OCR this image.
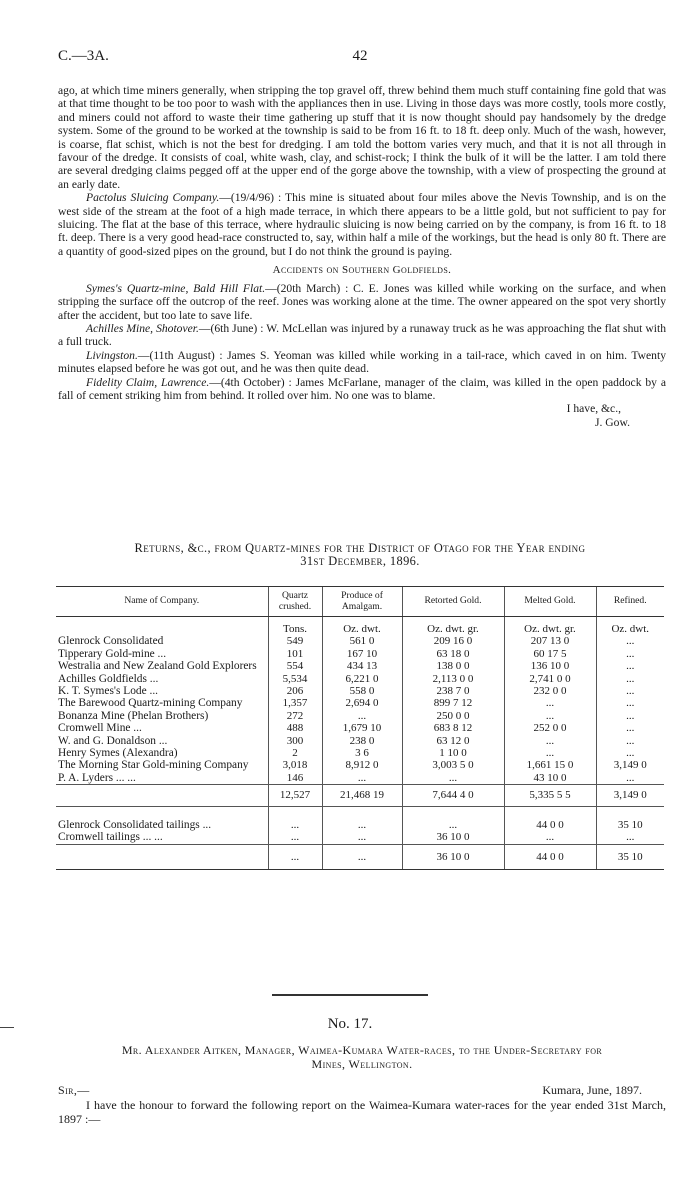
C.—3A.	42

ago, at which time miners generally, when stripping the top gravel off, threw behind them much stuff containing fine gold that was at that time thought to be too poor to wash with the appliances then in use. Living in those days was more costly, tools more costly, and miners could not afford to waste their time gathering up stuff that it is now thought should pay handsomely by the dredge system. Some of the ground to be worked at the township is said to be from 16 ft. to 18 ft. deep only. Much of the wash, however, is coarse, flat schist, which is not the best for dredging. I am told the bottom varies very much, and that it is not all through in favour of the dredge. It consists of coal, white wash, clay, and schist-rock; I think the bulk of it will be the latter. I am told there are several dredging claims pegged off at the upper end of the gorge above the township, with a view of prospecting the ground at an early date.

Pactolus Sluicing Company.—(19/4/96) : This mine is situated about four miles above the Nevis Township, and is on the west side of the stream at the foot of a high made terrace, in which there appears to be a little gold, but not sufficient to pay for sluicing. The flat at the base of this terrace, where hydraulic sluicing is now being carried on by the company, is from 16 ft. to 18 ft. deep. There is a very good head-race constructed to, say, within half a mile of the workings, but the head is only 80 ft. There are a quantity of good-sized pipes on the ground, but I do not think the ground is paying.

Accidents on Southern Goldfields.

Symes's Quartz-mine, Bald Hill Flat.—(20th March) : C. E. Jones was killed while working on the surface, and when stripping the surface off the outcrop of the reef. Jones was working alone at the time. The owner appeared on the spot very shortly after the accident, but too late to save life.

Achilles Mine, Shotover.—(6th June) : W. McLellan was injured by a runaway truck as he was approaching the flat shut with a full truck.

Livingston.—(11th August) : James S. Yeoman was killed while working in a tail-race, which caved in on him. Twenty minutes elapsed before he was got out, and he was then quite dead.

Fidelity Claim, Lawrence.—(4th October) : James McFarlane, manager of the claim, was killed in the open paddock by a fall of cement striking him from behind. It rolled over him. No one was to blame.

I have, &c.,

J. Gow.

Returns, &c., from Quartz-mines for the District of Otago for the Year ending
31st December, 1896.
Name of Company.	Quartz crushed.	Produce of Amalgam.	Retorted Gold.	Melted Gold.	Refined.
	Tons.	Oz. dwt.	Oz. dwt. gr.	Oz. dwt. gr.	Oz. dwt.
Glenrock Consolidated	549	561 0	209 16 0	207 13 0	...
Tipperary Gold-mine ...	101	167 10	63 18 0	60 17 5	...
Westralia and New Zealand Gold Explorers	554	434 13	138 0 0	136 10 0	...
Achilles Goldfields ...	5,534	6,221 0	2,113 0 0	2,741 0 0	...
K. T. Symes's Lode ...	206	558 0	238 7 0	232 0 0	...
The Barewood Quartz-mining Company	1,357	2,694 0	899 7 12	...	...
Bonanza Mine (Phelan Brothers)	272	...	250 0 0	...	...
Cromwell Mine ...	488	1,679 10	683 8 12	252 0 0	...
W. and G. Donaldson ...	300	238 0	63 12 0	...	...
Henry Symes (Alexandra)	2	3 6	1 10 0	...	...
The Morning Star Gold-mining Company	3,018	8,912 0	3,003 5 0	1,661 15 0	3,149 0
P. A. Lyders ... ...	146	...	...	43 10 0	...
	12,527	21,468 19	7,644 4 0	5,335 5 5	3,149 0

Glenrock Consolidated tailings ...	...	...	...	44 0 0	35 10
Cromwell tailings ... ...	...	...	36 10 0	...	...
	...	...	36 10 0	44 0 0	35 10
No. 17.

Mr. Alexander Aitken, Manager, Waimea-Kumara Water-races, to the Under-Secretary for

Mines, Wellington.

Sir,—	Kumara, June, 1897.

I have the honour to forward the following report on the Waimea-Kumara water-races for the year ended 31st March, 1897 :—
